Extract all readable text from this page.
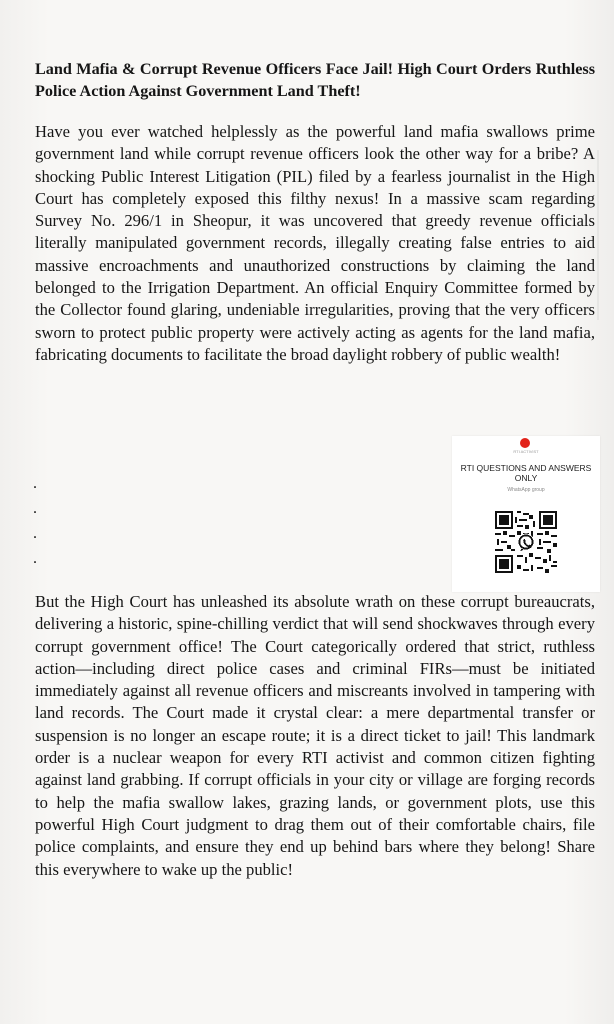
Land Mafia & Corrupt Revenue Officers Face Jail! High Court Orders Ruthless Police Action Against Government Land Theft!

Have you ever watched helplessly as the powerful land mafia swallows prime government land while corrupt revenue officers look the other way for a bribe? A shocking Public Interest Litigation (PIL) filed by a fearless journalist in the High Court has completely exposed this filthy nexus! In a massive scam regarding Survey No. 296/1 in Sheopur, it was uncovered that greedy revenue officials literally manipulated government records, illegally creating false entries to aid massive encroachments and unauthorized constructions by claiming the land belonged to the Irrigation Department. An official Enquiry Committee formed by the Collector found glaring, undeniable irregularities, proving that the very officers sworn to protect public property were actively acting as agents for the land mafia, fabricating documents to facilitate the broad daylight robbery of public wealth!

.
.
.
.

But the High Court has unleashed its absolute wrath on these corrupt bureaucrats, delivering a historic, spine-chilling verdict that will send shockwaves through every corrupt government office! The Court categorically ordered that strict, ruthless action—including direct police cases and criminal FIRs—must be initiated immediately against all revenue officers and miscreants involved in tampering with land records. The Court made it crystal clear: a mere departmental transfer or suspension is no longer an escape route; it is a direct ticket to jail! This landmark order is a nuclear weapon for every RTI activist and common citizen fighting against land grabbing. If corrupt officials in your city or village are forging records to help the mafia swallow lakes, grazing lands, or government plots, use this powerful High Court judgment to drag them out of their comfortable chairs, file police complaints, and ensure they end up behind bars where they belong! Share this everywhere to wake up the public!

RTI ACTIVIST
RTI QUESTIONS AND ANSWERS ONLY
WhatsApp group
